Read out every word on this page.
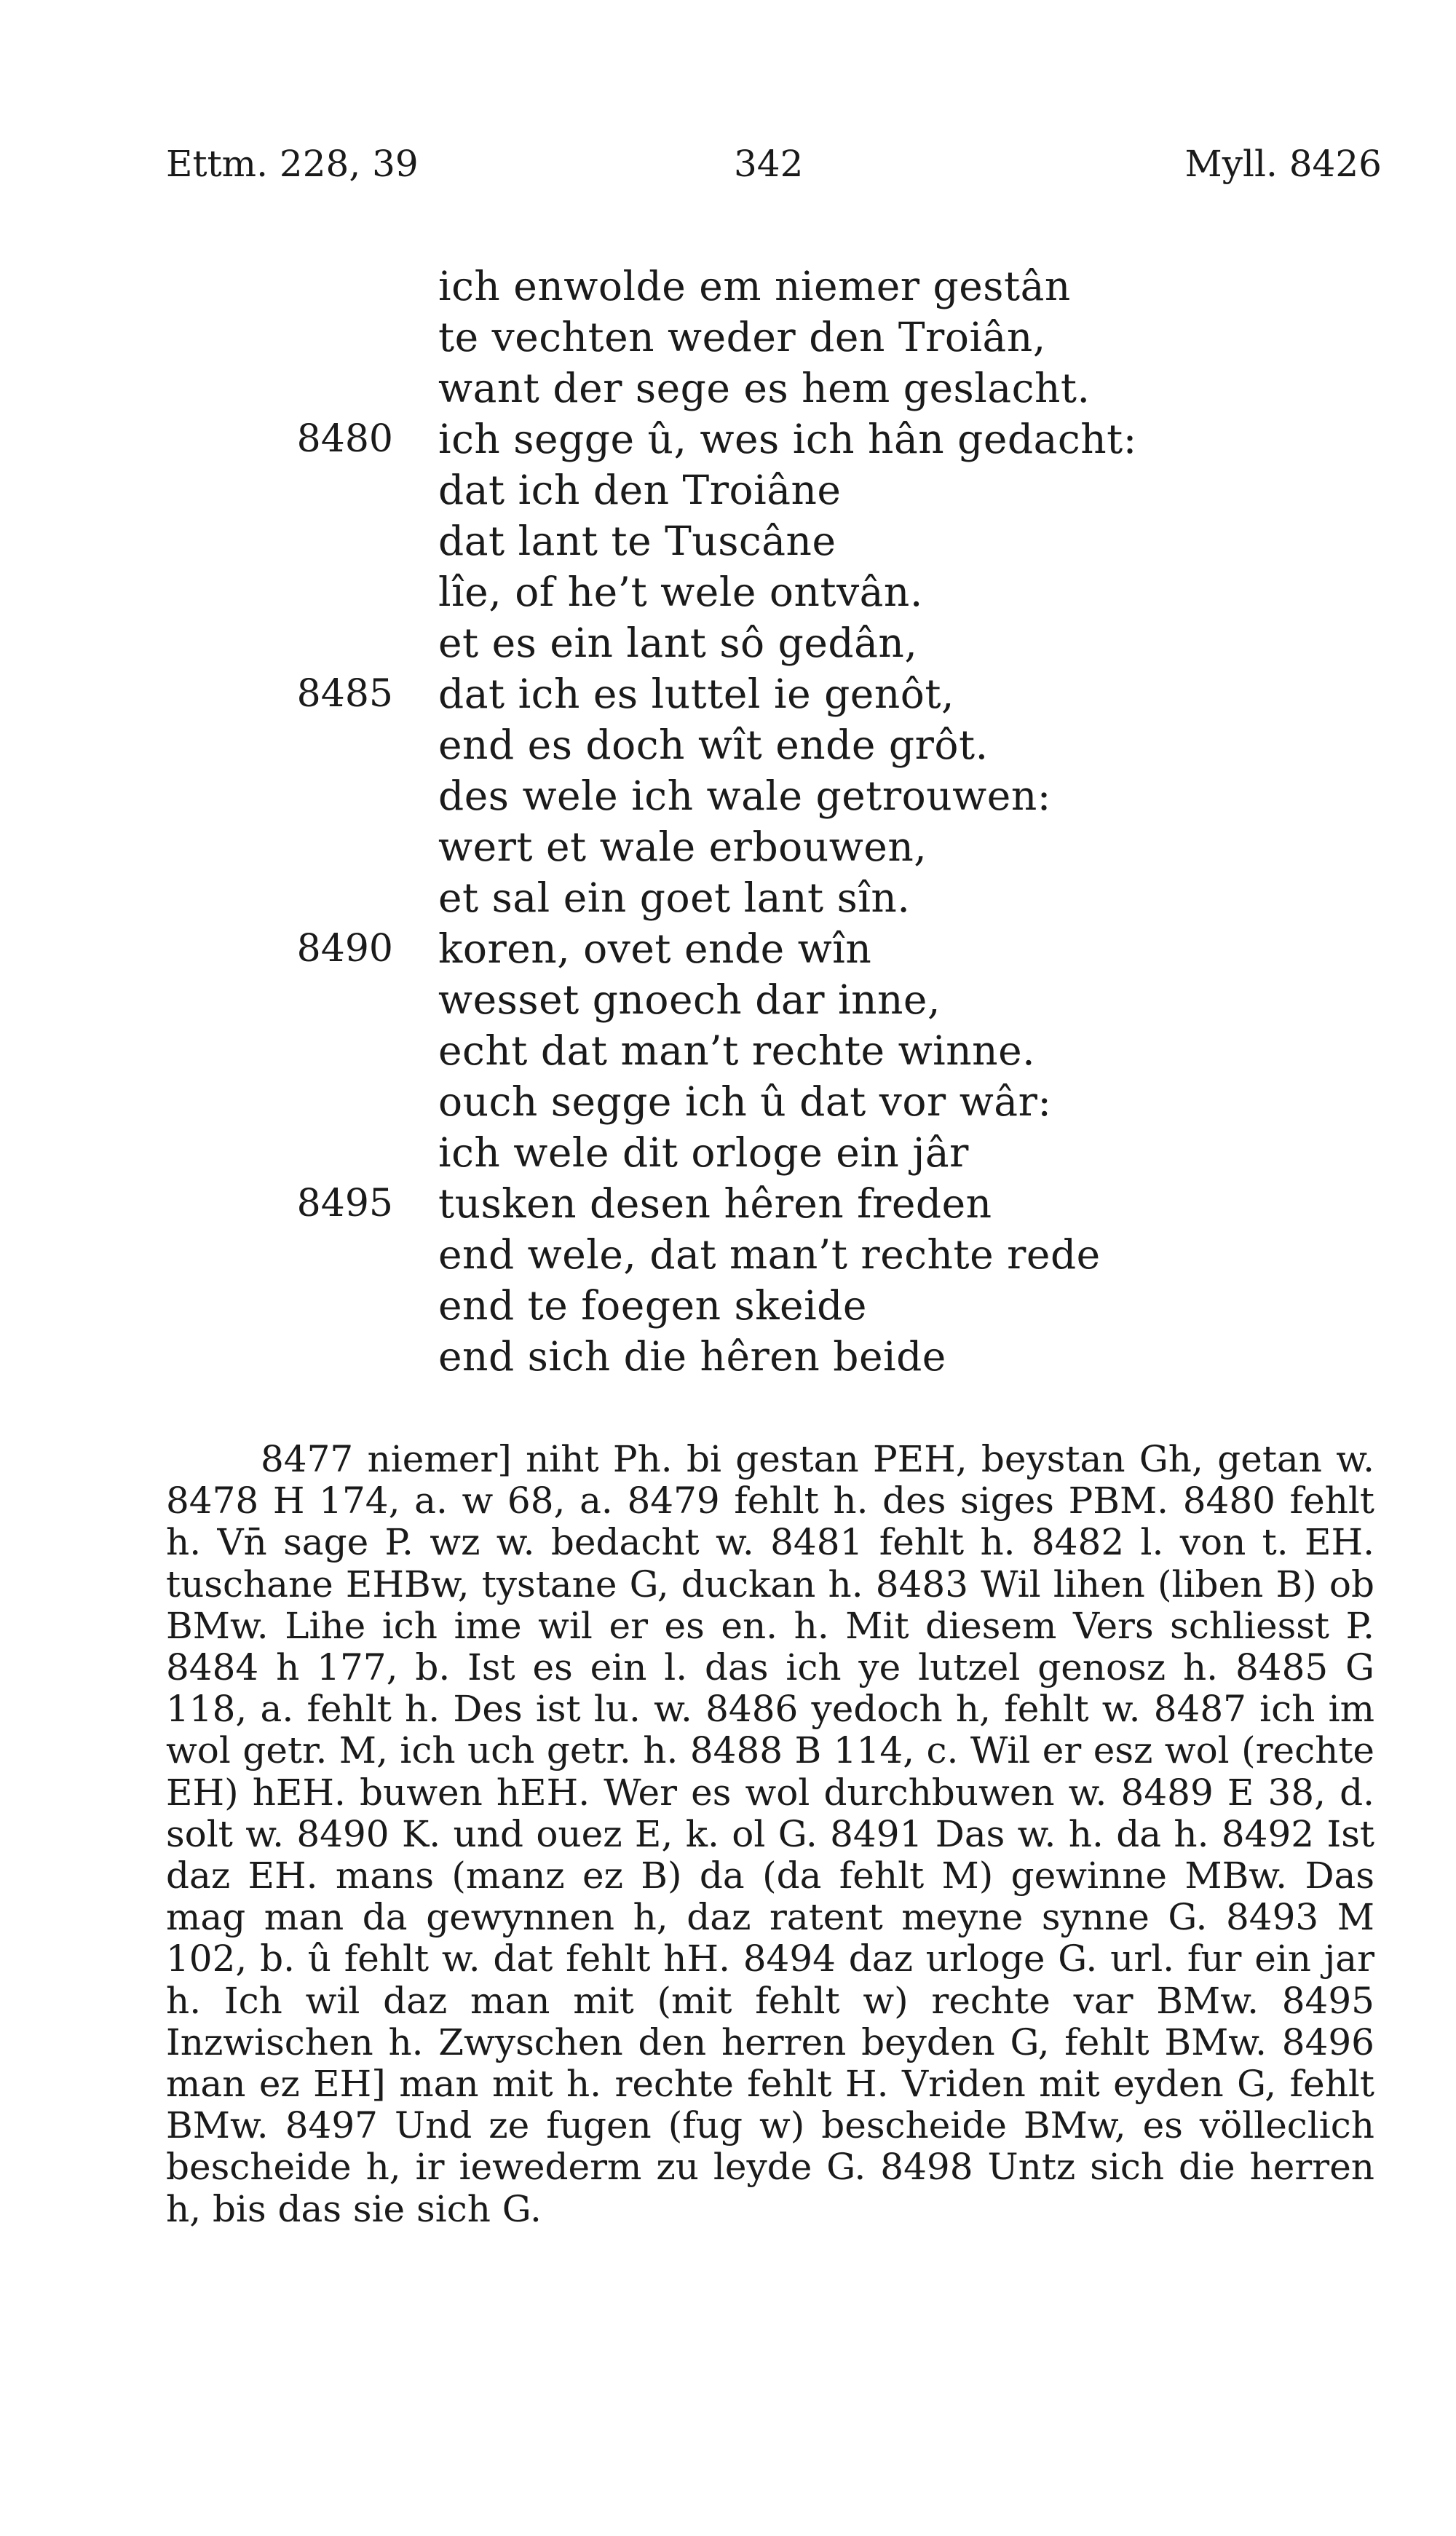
Ettm. 228, 39	342	Myll. 8426
ich enwolde em niemer gestân
te vechten weder den Troiân,
want der sege es hem geslacht.
8480 ich segge û, wes ich hân gedacht:
dat ich den Troiâne
dat lant te Tuscâne
lîe, of he’t wele ontvân.
et es ein lant sô gedân,
8485 dat ich es luttel ie genôt,
end es doch wît ende grôt.
des wele ich wale getrouwen:
wert et wale erbouwen,
et sal ein goet lant sîn.
8490 koren, ovet ende wîn
wesset gnoech dar inne,
echt dat man’t rechte winne.
ouch segge ich û dat vor wâr:
ich wele dit orloge ein jâr
8495 tusken desen hêren freden
end wele, dat man’t rechte rede
end te foegen skeide
end sich die hêren beide
8477 niemer] niht Ph. bi gestan PEH, beystan Gh, getan w. 8478 H 174, a. w 68, a. 8479 fehlt h. des siges PBM. 8480 fehlt h. Vn̄ sage P. wz w. bedacht w. 8481 fehlt h. 8482 l. von t. EH. tuschane EHBw, tystane G, duckan h. 8483 Wil lihen (liben B) ob BMw. Lihe ich ime wil er es en. h. Mit diesem Vers schliesst P. 8484 h 177, b. Ist es ein l. das ich ye lutzel genosz h. 8485 G 118, a. fehlt h. Des ist lu. w. 8486 yedoch h, fehlt w. 8487 ich im wol getr. M, ich uch getr. h. 8488 B 114, c. Wil er esz wol (rechte EH) hEH. buwen hEH. Wer es wol durchbuwen w. 8489 E 38, d. solt w. 8490 K. und ouez E, k. ol G. 8491 Das w. h. da h. 8492 Ist daz EH. mans (manz ez B) da (da fehlt M) gewinne MBw. Das mag man da gewynnen h, daz ratent meyne synne G. 8493 M 102, b. û fehlt w. dat fehlt hH. 8494 daz urloge G. url. fur ein jar h. Ich wil daz man mit (mit fehlt w) rechte var BMw. 8495 Inzwischen h. Zwyschen den herren beyden G, fehlt BMw. 8496 man ez EH] man mit h. rechte fehlt H. Vriden mit eyden G, fehlt BMw. 8497 Und ze fugen (fug w) bescheide BMw, es vӧlleclich bescheide h, ir iewederm zu leyde G. 8498 Untz sich die herren h, bis das sie sich G.
